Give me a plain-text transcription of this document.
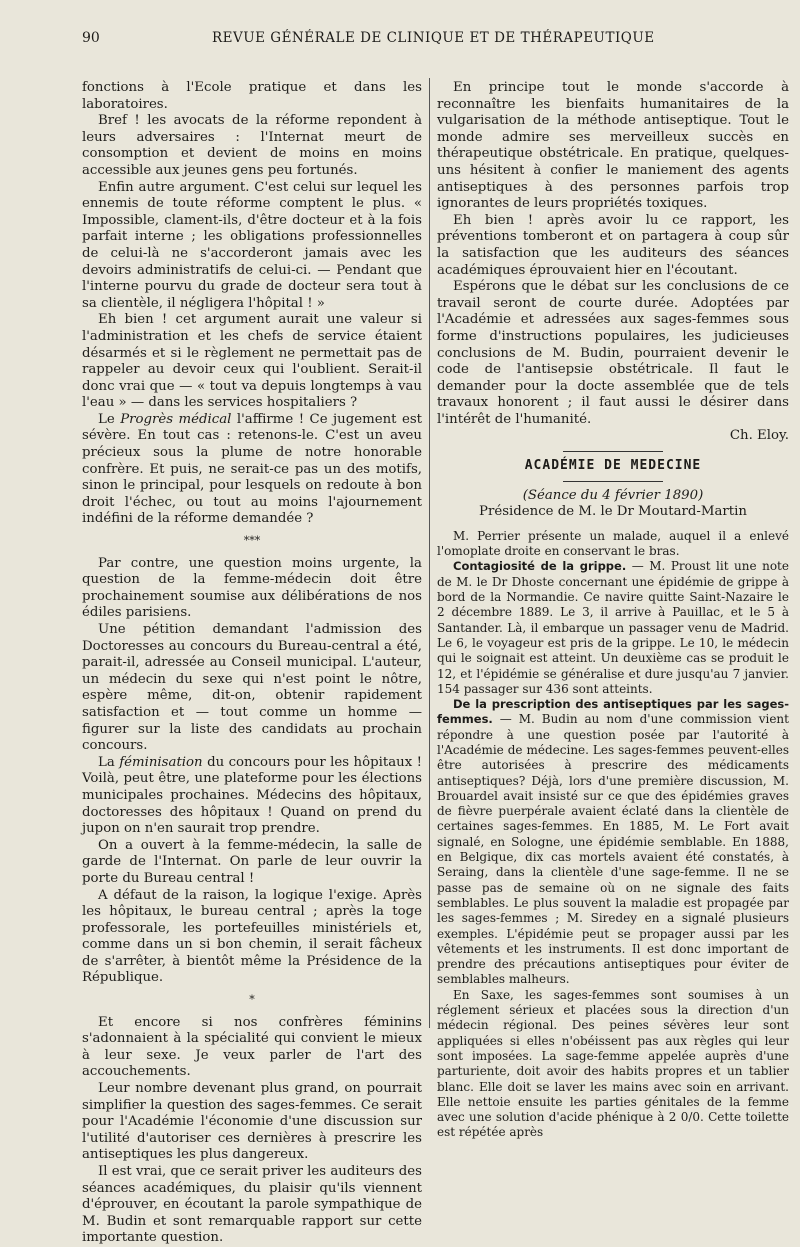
90	REVUE GÉNÉRALE DE CLINIQUE ET DE THÉRAPEUTIQUE

fonctions à l'Ecole pratique et dans les laboratoires.

Bref ! les avocats de la réforme repondent à leurs adversaires : l'Internat meurt de consomption et devient de moins en moins accessible aux jeunes gens peu fortunés.

Enfin autre argument. C'est celui sur lequel les ennemis de toute réforme comptent le plus. « Impossible, clament-ils, d'être docteur et à la fois parfait interne ; les obligations professionnelles de celui-là ne s'accorderont jamais avec les devoirs administratifs de celui-ci. — Pendant que l'interne pourvu du grade de docteur sera tout à sa clientèle, il négligera l'hôpital ! »

Eh bien ! cet argument aurait une valeur si l'administration et les chefs de service étaient désarmés et si le règlement ne permettait pas de rappeler au devoir ceux qui l'oublient. Serait-il donc vrai que — « tout va depuis longtemps à vau l'eau » — dans les services hospitaliers ?

Le Progrès médical l'affirme ! Ce jugement est sévère. En tout cas : retenons-le. C'est un aveu précieux sous la plume de notre honorable confrère. Et puis, ne serait-ce pas un des motifs, sinon le principal, pour lesquels on redoute à bon droit l'échec, ou tout au moins l'ajournement indéfini de la réforme demandée ?

***

Par contre, une question moins urgente, la question de la femme-médecin doit être prochainement soumise aux délibérations de nos édiles parisiens.

Une pétition demandant l'admission des Doctoresses au concours du Bureau-central a été, parait-il, adressée au Conseil municipal. L'auteur, un médecin du sexe qui n'est point le nôtre, espère même, dit-on, obtenir rapidement satisfaction et — tout comme un homme — figurer sur la liste des candidats au prochain concours.

La féminisation du concours pour les hôpitaux ! Voilà, peut être, une plateforme pour les élections municipales prochaines. Médecins des hôpitaux, doctoresses des hôpitaux ! Quand on prend du jupon on n'en saurait trop prendre.

On a ouvert à la femme-médecin, la salle de garde de l'Internat. On parle de leur ouvrir la porte du Bureau central !

A défaut de la raison, la logique l'exige. Après les hôpitaux, le bureau central ; après la toge professorale, les portefeuilles ministériels et, comme dans un si bon chemin, il serait fâcheux de s'arrêter, à bientôt même la Présidence de la République.

*

Et encore si nos confrères féminins s'adonnaient à la spécialité qui convient le mieux à leur sexe. Je veux parler de l'art des accouchements.

Leur nombre devenant plus grand, on pourrait simplifier la question des sages-femmes. Ce serait pour l'Académie l'économie d'une discussion sur l'utilité d'autoriser ces dernières à prescrire les antiseptiques les plus dangereux.

Il est vrai, que ce serait priver les auditeurs des séances académiques, du plaisir qu'ils viennent d'éprouver, en écoutant la parole sympathique de M. Budin et sont remarquable rapport sur cette importante question.

En principe tout le monde s'accorde à reconnaître les bienfaits humanitaires de la vulgarisation de la méthode antiseptique. Tout le monde admire ses merveilleux succès en thérapeutique obstétricale. En pratique, quelques-uns hésitent à confier le maniement des agents antiseptiques à des personnes parfois trop ignorantes de leurs propriétés toxiques.

Eh bien ! après avoir lu ce rapport, les préventions tomberont et on partagera à coup sûr la satisfaction que les auditeurs des séances académiques éprouvaient hier en l'écoutant.

Espérons que le débat sur les conclusions de ce travail seront de courte durée. Adoptées par l'Académie et adressées aux sages-femmes sous forme d'instructions populaires, les judicieuses conclusions de M. Budin, pourraient devenir le code de l'antisepsie obstétricale. Il faut le demander pour la docte assemblée que de tels travaux honorent ; il faut aussi le désirer dans l'intérêt de l'humanité.

Ch. Eloy.
ACADÉMIE DE MEDECINE

(Séance du 4 février 1890)

Présidence de M. le Dr Moutard-Martin

M. Perrier présente un malade, auquel il a enlevé l'omoplate droite en conservant le bras.

Contagiosité de la grippe. — M. Proust lit une note de M. le Dr Dhoste concernant une épidémie de grippe à bord de la Normandie. Ce navire quitte Saint-Nazaire le 2 décembre 1889. Le 3, il arrive à Pauillac, et le 5 à Santander. Là, il embarque un passager venu de Madrid. Le 6, le voyageur est pris de la grippe. Le 10, le médecin qui le soignait est atteint. Un deuxième cas se produit le 12, et l'épidémie se généralise et dure jusqu'au 7 janvier. 154 passager sur 436 sont atteints.

De la prescription des antiseptiques par les sages-femmes. — M. Budin au nom d'une commission vient répondre à une question posée par l'autorité à l'Académie de médecine. Les sages-femmes peuvent-elles être autorisées à prescrire des médicaments antiseptiques? Déjà, lors d'une première discussion, M. Brouardel avait insisté sur ce que des épidémies graves de fièvre puerpérale avaient éclaté dans la clientèle de certaines sages-femmes. En 1885, M. Le Fort avait signalé, en Sologne, une épidémie semblable. En 1888, en Belgique, dix cas mortels avaient été constatés, à Seraing, dans la clientèle d'une sage-femme. Il ne se passe pas de semaine où on ne signale des faits semblables. Le plus souvent la maladie est propagée par les sages-femmes ; M. Siredey en a signalé plusieurs exemples. L'épidémie peut se propager aussi par les vêtements et les instruments. Il est donc important de prendre des précautions antiseptiques pour éviter de semblables malheurs.

En Saxe, les sages-femmes sont soumises à un réglement sérieux et placées sous la direction d'un médecin régional. Des peines sévères leur sont appliquées si elles n'obéissent pas aux règles qui leur sont imposées. La sage-femme appelée auprès d'une parturiente, doit avoir des habits propres et un tablier blanc. Elle doit se laver les mains avec soin en arrivant. Elle nettoie ensuite les parties génitales de la femme avec une solution d'acide phénique à 2 0/0. Cette toilette est répétée après
